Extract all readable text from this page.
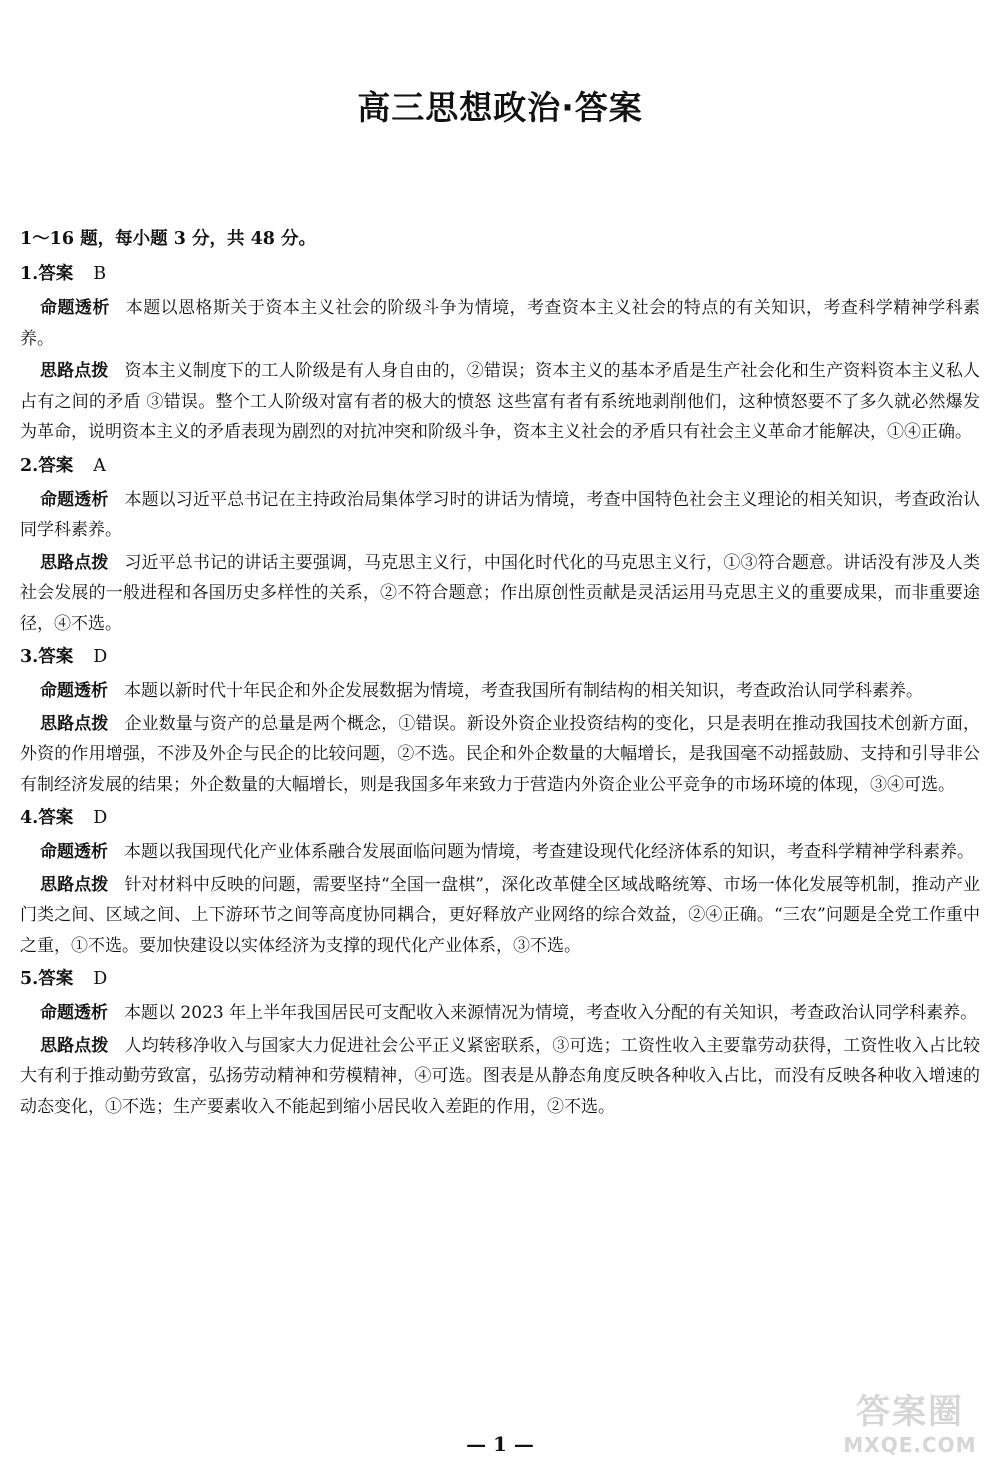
高三思想政治·答案
1～16 题，每小题 3 分，共 48 分。
1.答案 B

命题透析 本题以恩格斯关于资本主义社会的阶级斗争为情境，考查资本主义社会的特点的有关知识，考查科学精神学科素养。

思路点拨 资本主义制度下的工人阶级是有人身自由的，②错误；资本主义的基本矛盾是生产社会化和生产资料资本主义私人占有之间的矛盾 ③错误。整个工人阶级对富有者的极大的愤怒 这些富有者有系统地剥削他们，这种愤怒要不了多久就必然爆发为革命，说明资本主义的矛盾表现为剧烈的对抗冲突和阶级斗争，资本主义社会的矛盾只有社会主义革命才能解决，①④正确。

2.答案 A

命题透析 本题以习近平总书记在主持政治局集体学习时的讲话为情境，考查中国特色社会主义理论的相关知识，考查政治认同学科素养。

思路点拨 习近平总书记的讲话主要强调，马克思主义行，中国化时代化的马克思主义行，①③符合题意。讲话没有涉及人类社会发展的一般进程和各国历史多样性的关系，②不符合题意；作出原创性贡献是灵活运用马克思主义的重要成果，而非重要途径，④不选。

3.答案 D

命题透析 本题以新时代十年民企和外企发展数据为情境，考查我国所有制结构的相关知识，考查政治认同学科素养。

思路点拨 企业数量与资产的总量是两个概念，①错误。新设外资企业投资结构的变化，只是表明在推动我国技术创新方面，外资的作用增强，不涉及外企与民企的比较问题，②不选。民企和外企数量的大幅增长，是我国毫不动摇鼓励、支持和引导非公有制经济发展的结果；外企数量的大幅增长，则是我国多年来致力于营造内外资企业公平竞争的市场环境的体现，③④可选。

4.答案 D

命题透析 本题以我国现代化产业体系融合发展面临问题为情境，考查建设现代化经济体系的知识，考查科学精神学科素养。

思路点拨 针对材料中反映的问题，需要坚持“全国一盘棋”，深化改革健全区域战略统筹、市场一体化发展等机制，推动产业门类之间、区域之间、上下游环节之间等高度协同耦合，更好释放产业网络的综合效益，②④正确。“三农”问题是全党工作重中之重，①不选。要加快建设以实体经济为支撑的现代化产业体系，③不选。

5.答案 D

命题透析 本题以 2023 年上半年我国居民可支配收入来源情况为情境，考查收入分配的有关知识，考查政治认同学科素养。

思路点拨 人均转移净收入与国家大力促进社会公平正义紧密联系，③可选；工资性收入主要靠劳动获得，工资性收入占比较大有利于推动勤劳致富，弘扬劳动精神和劳模精神，④可选。图表是从静态角度反映各种收入占比，而没有反映各种收入增速的动态变化，①不选；生产要素收入不能起到缩小居民收入差距的作用，②不选。

— 1 —
答案圈
MXQE.COM
